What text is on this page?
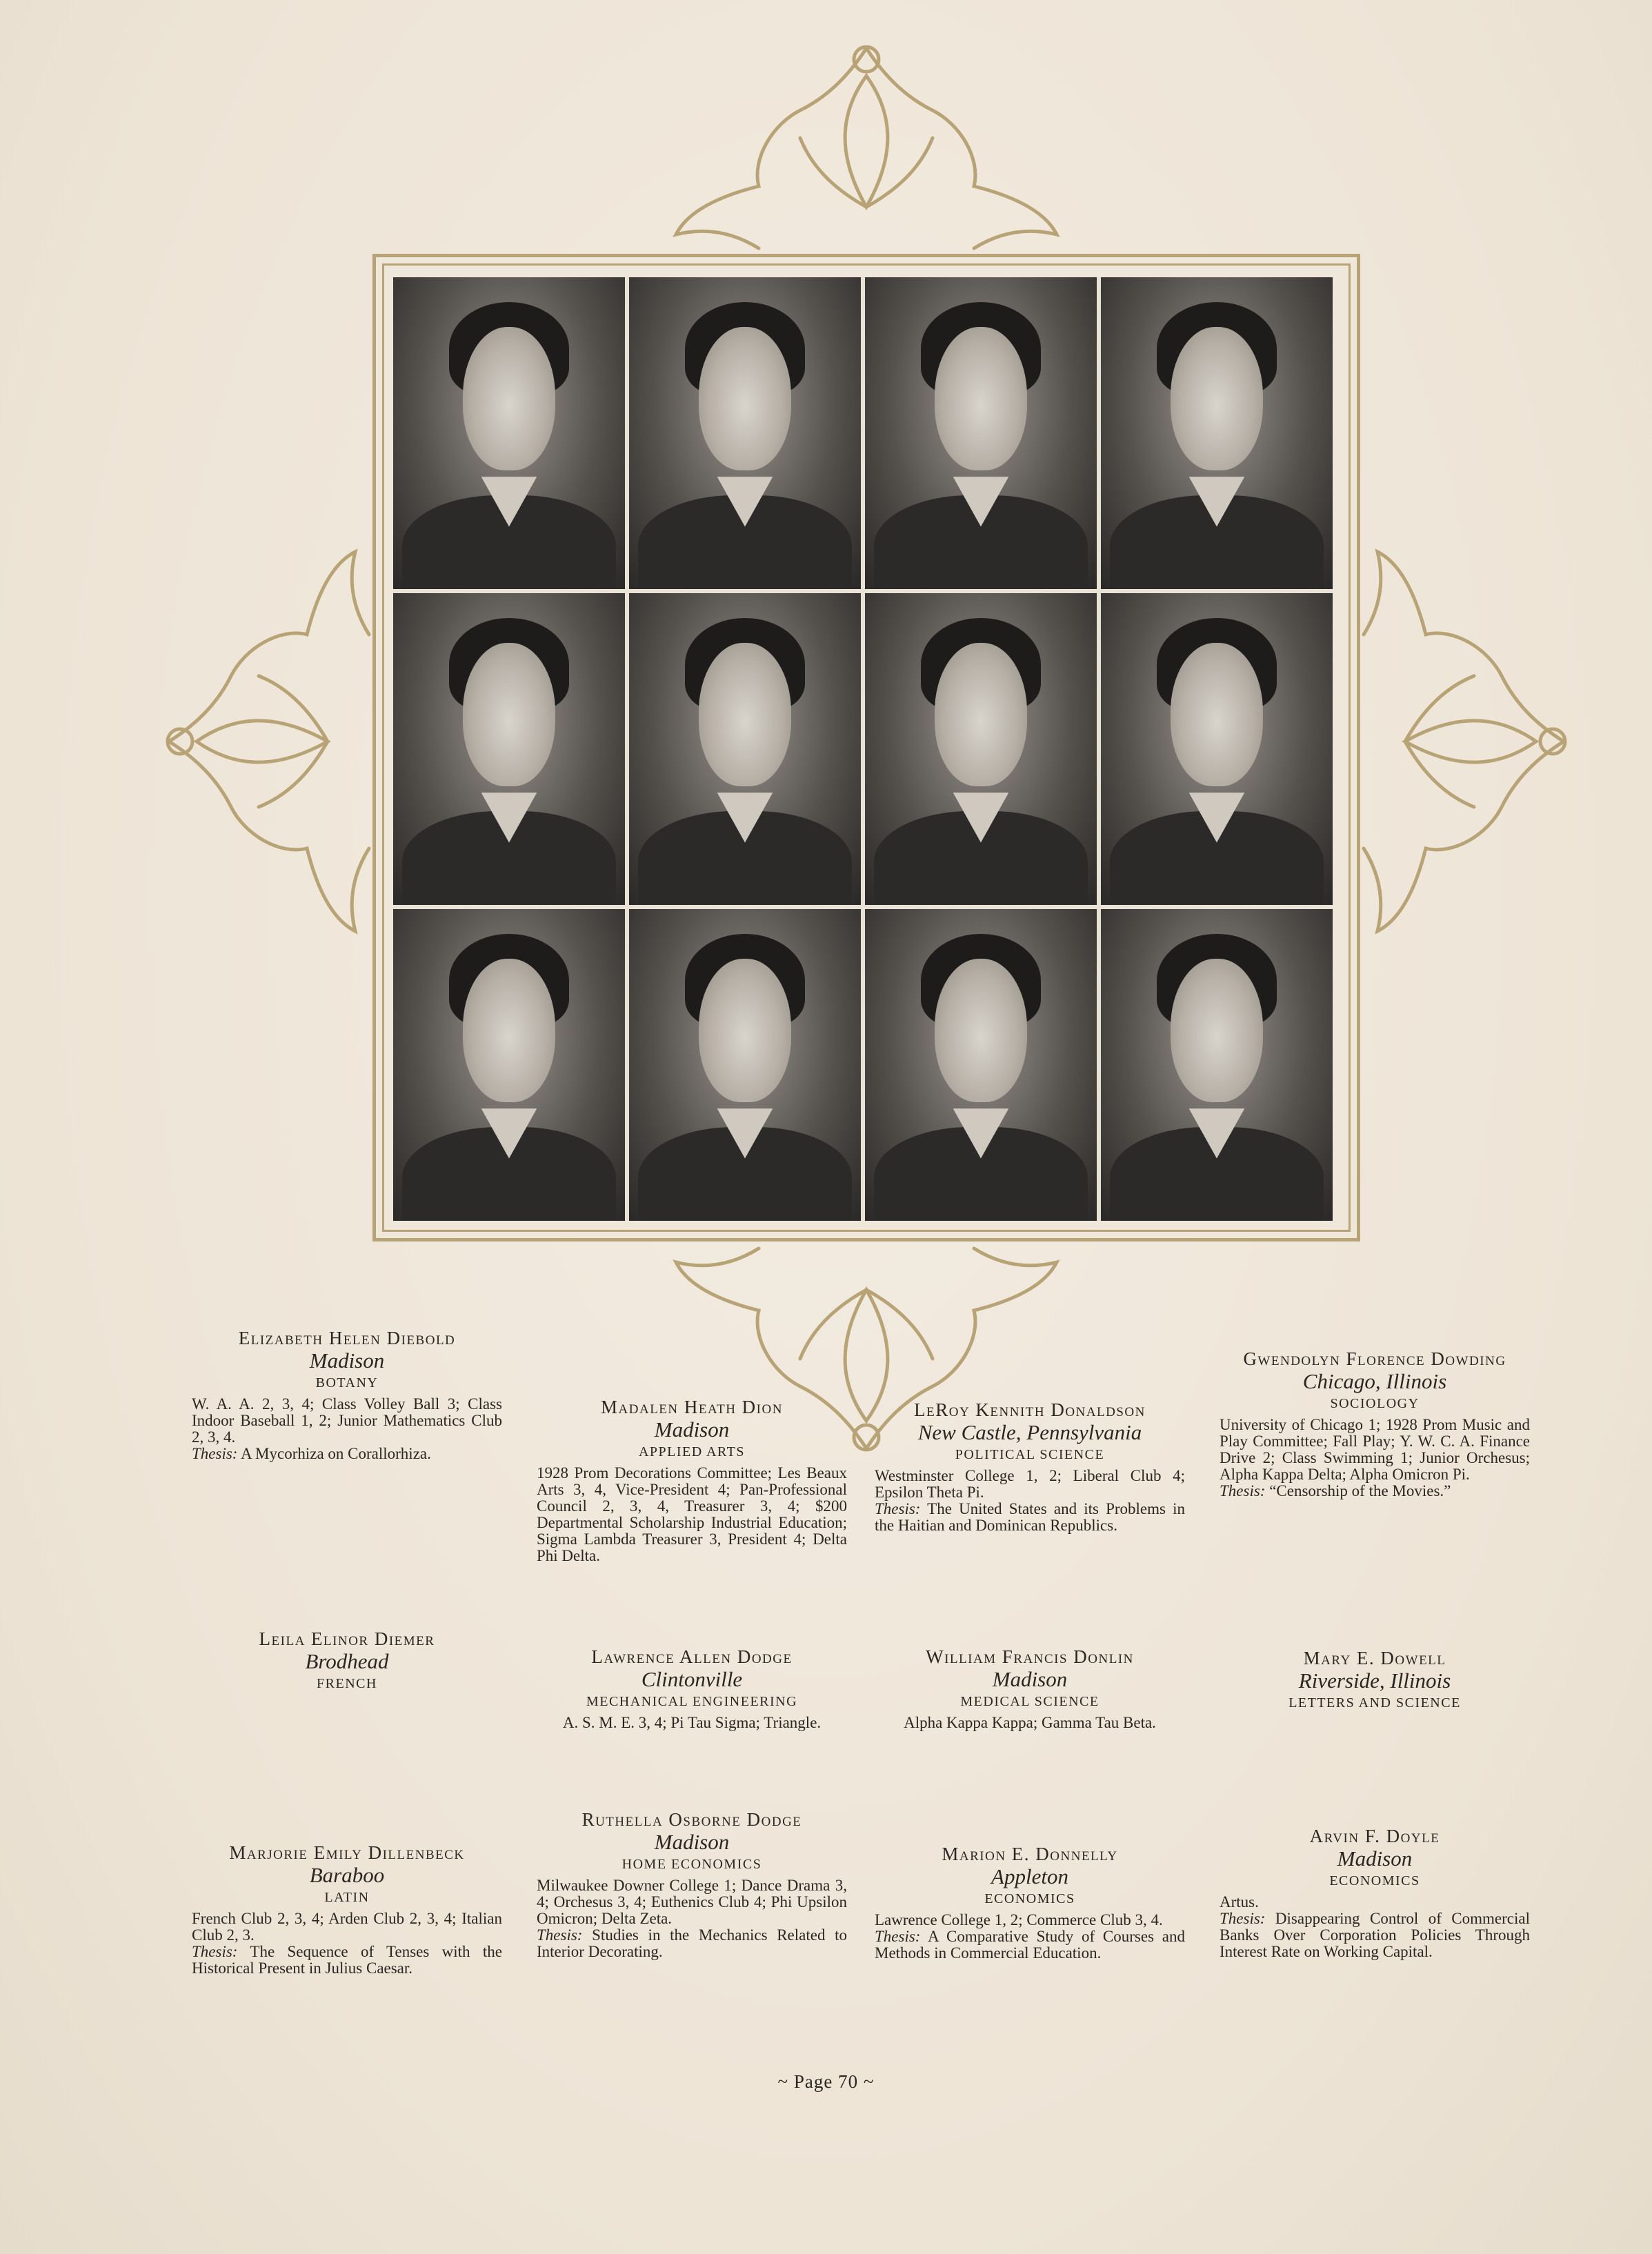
Elizabeth Helen Diebold
Madison
BOTANY
W. A. A. 2, 3, 4; Class Volley Ball 3; Class Indoor Baseball 1, 2; Junior Mathematics Club 2, 3, 4.
Thesis: A Mycorhiza on Corallorhiza.
Madalen Heath Dion
Madison
APPLIED ARTS
1928 Prom Decorations Committee; Les Beaux Arts 3, 4, Vice-President 4; Pan-Professional Council 2, 3, 4, Treasurer 3, 4; $200 Departmental Scholarship Industrial Education; Sigma Lambda Treasurer 3, President 4; Delta Phi Delta.
LeRoy Kennith Donaldson
New Castle, Pennsylvania
POLITICAL SCIENCE
Westminster College 1, 2; Liberal Club 4; Epsilon Theta Pi.
Thesis: The United States and its Problems in the Haitian and Dominican Republics.
Gwendolyn Florence Dowding
Chicago, Illinois
SOCIOLOGY
University of Chicago 1; 1928 Prom Music and Play Committee; Fall Play; Y. W. C. A. Finance Drive 2; Class Swimming 1; Junior Orchesus; Alpha Kappa Delta; Alpha Omicron Pi.
Thesis: “Censorship of the Movies.”
Leila Elinor Diemer
Brodhead
FRENCH
Lawrence Allen Dodge
Clintonville
MECHANICAL ENGINEERING
A. S. M. E. 3, 4; Pi Tau Sigma; Triangle.
William Francis Donlin
Madison
MEDICAL SCIENCE
Alpha Kappa Kappa; Gamma Tau Beta.
Mary E. Dowell
Riverside, Illinois
LETTERS AND SCIENCE
Marjorie Emily Dillenbeck
Baraboo
LATIN
French Club 2, 3, 4; Arden Club 2, 3, 4; Italian Club 2, 3.
Thesis: The Sequence of Tenses with the Historical Present in Julius Caesar.
Ruthella Osborne Dodge
Madison
HOME ECONOMICS
Milwaukee Downer College 1; Dance Drama 3, 4; Orchesus 3, 4; Euthenics Club 4; Phi Upsilon Omicron; Delta Zeta.
Thesis: Studies in the Mechanics Related to Interior Decorating.
Marion E. Donnelly
Appleton
ECONOMICS
Lawrence College 1, 2; Commerce Club 3, 4.
Thesis: A Comparative Study of Courses and Methods in Commercial Education.
Arvin F. Doyle
Madison
ECONOMICS
Artus.
Thesis: Disappearing Control of Commercial Banks Over Corporation Policies Through Interest Rate on Working Capital.
~ Page 70 ~
